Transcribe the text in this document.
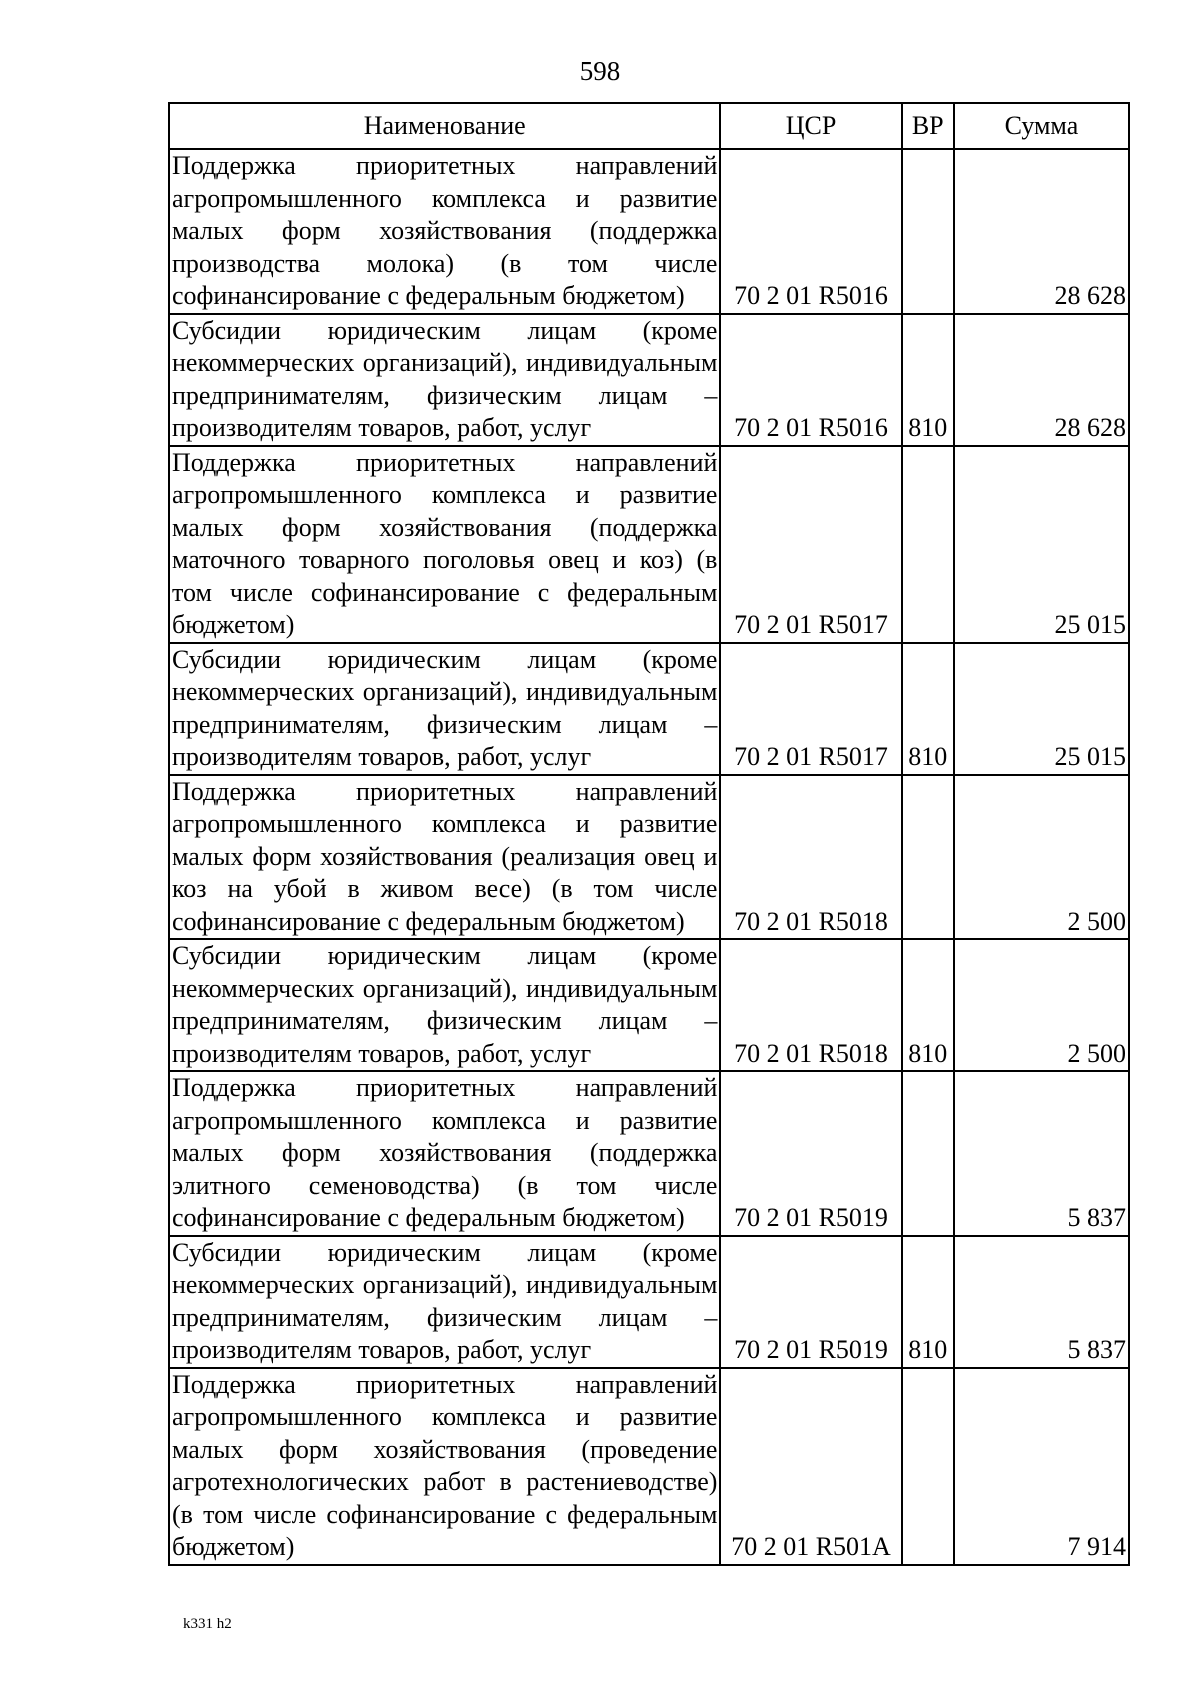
598
Наименование	ЦСР	ВР	Сумма
Поддержка приоритетных направлений агропромышленного комплекса и развитие малых форм хозяйствования (поддержка производства молока) (в том числе софинансирование с федеральным бюджетом)	70 2 01 R5016		28 628
Субсидии юридическим лицам (кроме некоммерческих организаций), индивидуальным предпринимателям, физическим лицам – производителям товаров, работ, услуг	70 2 01 R5016	810	28 628
Поддержка приоритетных направлений агропромышленного комплекса и развитие малых форм хозяйствования (поддержка маточного товарного поголовья овец и коз) (в том числе софинансирование с федеральным бюджетом)	70 2 01 R5017		25 015
Субсидии юридическим лицам (кроме некоммерческих организаций), индивидуальным предпринимателям, физическим лицам – производителям товаров, работ, услуг	70 2 01 R5017	810	25 015
Поддержка приоритетных направлений агропромышленного комплекса и развитие малых форм хозяйствования (реализация овец и коз на убой в живом весе) (в том числе софинансирование с федеральным бюджетом)	70 2 01 R5018		2 500
Субсидии юридическим лицам (кроме некоммерческих организаций), индивидуальным предпринимателям, физическим лицам – производителям товаров, работ, услуг	70 2 01 R5018	810	2 500
Поддержка приоритетных направлений агропромышленного комплекса и развитие малых форм хозяйствования (поддержка элитного семеноводства) (в том числе софинансирование с федеральным бюджетом)	70 2 01 R5019		5 837
Субсидии юридическим лицам (кроме некоммерческих организаций), индивидуальным предпринимателям, физическим лицам – производителям товаров, работ, услуг	70 2 01 R5019	810	5 837
Поддержка приоритетных направлений агропромышленного комплекса и развитие малых форм хозяйствования (проведение агротехнологических работ в растениеводстве) (в том числе софинансирование с федеральным бюджетом)	70 2 01 R501A		7 914
k331 h2
